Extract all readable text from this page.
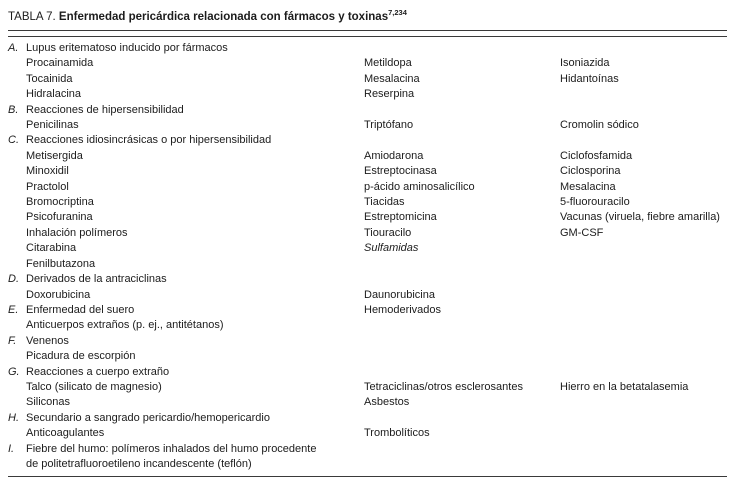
TABLA 7. Enfermedad pericárdica relacionada con fármacos y toxinas$^{7,234}$
A.	Lupus eritematoso inducido por fármacos		
	Procainamida	Metildopa	Isoniazida
	Tocainida	Mesalacina	Hidantoínas
	Hidralacina	Reserpina	
B.	Reacciones de hipersensibilidad		
	Penicilinas	Triptófano	Cromolin sódico
C.	Reacciones idiosincrásicas o por hipersensibilidad		
	Metisergida	Amiodarona	Ciclofosfamida
	Minoxidil	Estreptocinasa	Ciclosporina
	Practolol	p-ácido aminosalicílico	Mesalacina
	Bromocriptina	Tiacidas	5-fluorouracilo
	Psicofuranina	Estreptomicina	Vacunas (viruela, fiebre amarilla)
	Inhalación polímeros	Tiouracilo	GM-CSF
	Citarabina	Sulfamidas	
	Fenilbutazona		
D.	Derivados de la antraciclinas		
	Doxorubicina	Daunorubicina	
E.	Enfermedad del suero	Hemoderivados	
	Anticuerpos extraños (p. ej., antitétanos)		
F.	Venenos		
	Picadura de escorpión		
G.	Reacciones a cuerpo extraño		
	Talco (silicato de magnesio)	Tetraciclinas/otros esclerosantes	Hierro en la betatalasemia
	Siliconas	Asbestos	
H.	Secundario a sangrado pericardio/hemopericardio		
	Anticoagulantes	Trombolíticos	
I.	Fiebre del humo: polímeros inhalados del humo procedente		
	de politetrafluoroetileno incandescente (teflón)		
